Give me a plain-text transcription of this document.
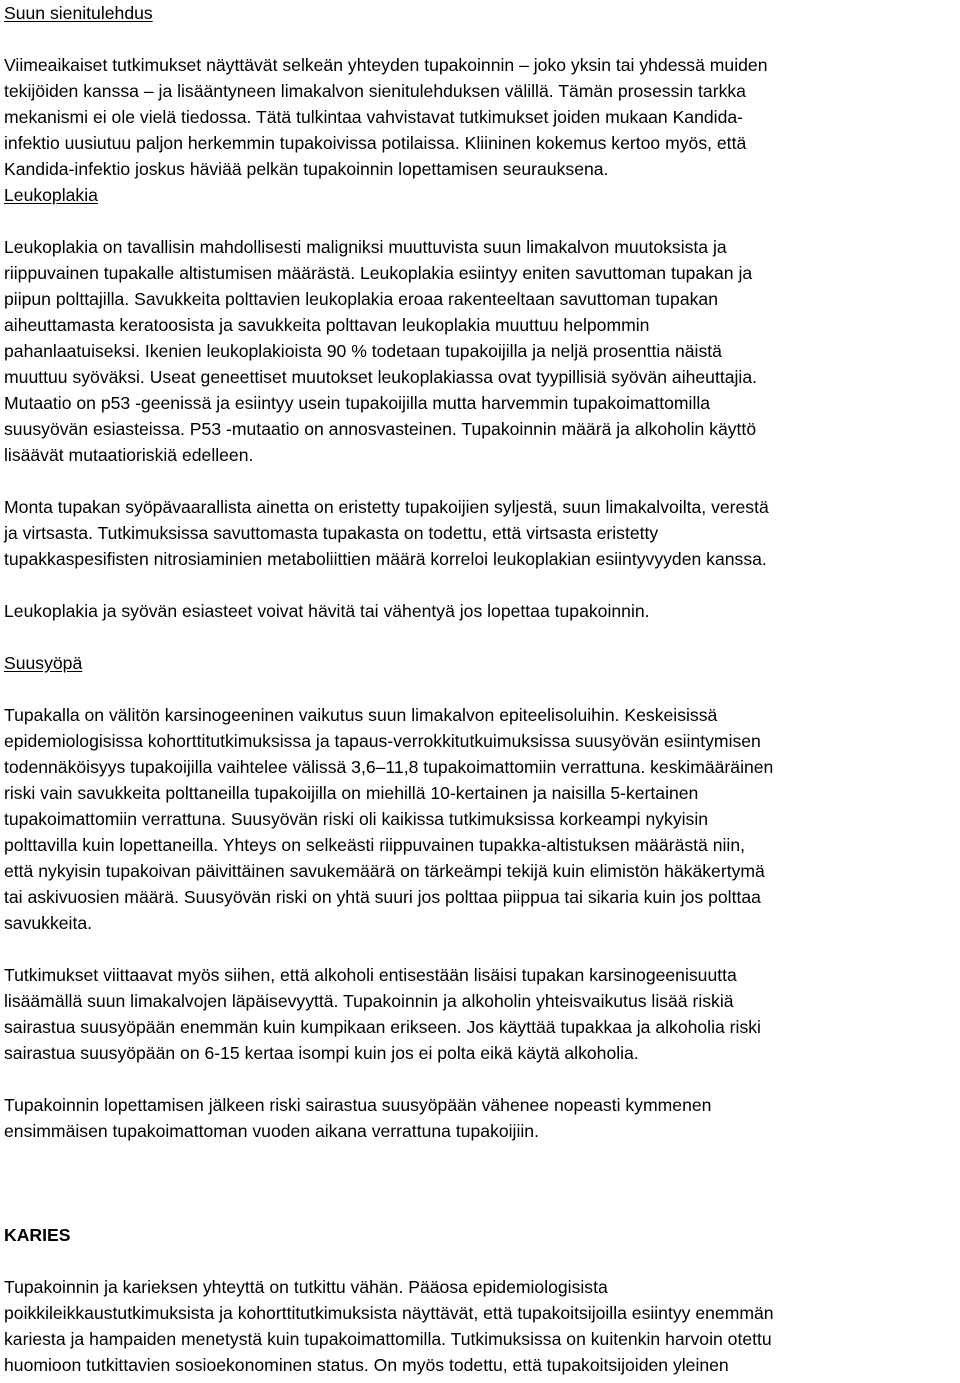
Suun sienitulehdus

Viimeaikaiset tutkimukset näyttävät selkeän yhteyden tupakoinnin – joko yksin tai yhdessä muiden
tekijöiden kanssa – ja lisääntyneen limakalvon sienitulehduksen välillä. Tämän prosessin tarkka
mekanismi ei ole vielä tiedossa. Tätä tulkintaa vahvistavat tutkimukset joiden mukaan Kandida-
infektio uusiutuu paljon herkemmin tupakoivissa potilaissa. Kliininen kokemus kertoo myös, että
Kandida-infektio joskus häviää pelkän tupakoinnin lopettamisen seurauksena.

Leukoplakia

Leukoplakia on tavallisin mahdollisesti maligniksi muuttuvista suun limakalvon muutoksista ja
riippuvainen tupakalle altistumisen määrästä. Leukoplakia esiintyy eniten savuttoman tupakan ja
piipun polttajilla. Savukkeita polttavien leukoplakia eroaa rakenteeltaan savuttoman tupakan
aiheuttamasta keratoosista ja savukkeita polttavan leukoplakia muuttuu helpommin
pahanlaatuiseksi. Ikenien leukoplakioista 90 % todetaan tupakoijilla ja neljä prosenttia näistä
muuttuu syöväksi. Useat geneettiset muutokset leukoplakiassa ovat tyypillisiä syövän aiheuttajia.
Mutaatio on p53 -geenissä ja esiintyy usein tupakoijilla mutta harvemmin tupakoimattomilla
suusyövän esiasteissa. P53 -mutaatio on annosvasteinen. Tupakoinnin määrä ja alkoholin käyttö
lisäävät mutaatioriskiä edelleen.

Monta tupakan syöpävaarallista ainetta on eristetty tupakoijien syljestä, suun limakalvoilta, verestä
ja virtsasta. Tutkimuksissa savuttomasta tupakasta on todettu, että virtsasta eristetty
tupakkaspesifisten nitrosiaminien metaboliittien määrä korreloi leukoplakian esiintyvyyden kanssa.

Leukoplakia ja syövän esiasteet voivat hävitä tai vähentyä jos lopettaa tupakoinnin.

Suusyöpä

Tupakalla on välitön karsinogeeninen vaikutus suun limakalvon epiteelisoluihin. Keskeisissä
epidemiologisissa kohorttitutkimuksissa ja tapaus-verrokkitutkuimuksissa suusyövän esiintymisen
todennäköisyys tupakoijilla vaihtelee välissä 3,6–11,8 tupakoimattomiin verrattuna. keskimääräinen
riski vain savukkeita polttaneilla tupakoijilla on miehillä 10-kertainen ja naisilla 5-kertainen
tupakoimattomiin verrattuna. Suusyövän riski oli kaikissa tutkimuksissa korkeampi nykyisin
polttavilla kuin lopettaneilla. Yhteys on selkeästi riippuvainen tupakka-altistuksen määrästä niin,
että nykyisin tupakoivan päivittäinen savukemäärä on tärkeämpi tekijä kuin elimistön häkäkertymä
tai askivuosien määrä. Suusyövän riski on yhtä suuri jos polttaa piippua tai sikaria kuin jos polttaa
savukkeita.

Tutkimukset viittaavat myös siihen, että alkoholi entisestään lisäisi tupakan karsinogeenisuutta
lisäämällä suun limakalvojen läpäisevyyttä. Tupakoinnin ja alkoholin yhteisvaikutus lisää riskiä
sairastua suusyöpään enemmän kuin kumpikaan erikseen. Jos käyttää tupakkaa ja alkoholia riski
sairastua suusyöpään on 6-15 kertaa isompi kuin jos ei polta eikä käytä alkoholia.

Tupakoinnin lopettamisen jälkeen riski sairastua suusyöpään vähenee nopeasti kymmenen
ensimmäisen tupakoimattoman vuoden aikana verrattuna tupakoijiin.

KARIES

Tupakoinnin ja karieksen yhteyttä on tutkittu vähän. Pääosa epidemiologisista
poikkileikkaustutkimuksista ja kohorttitutkimuksista näyttävät, että tupakoitsijoilla esiintyy enemmän
kariesta ja hampaiden menetystä kuin tupakoimattomilla. Tutkimuksissa on kuitenkin harvoin otettu
huomioon tutkittavien sosioekonominen status. On myös todettu, että tupakoitsijoiden yleinen
